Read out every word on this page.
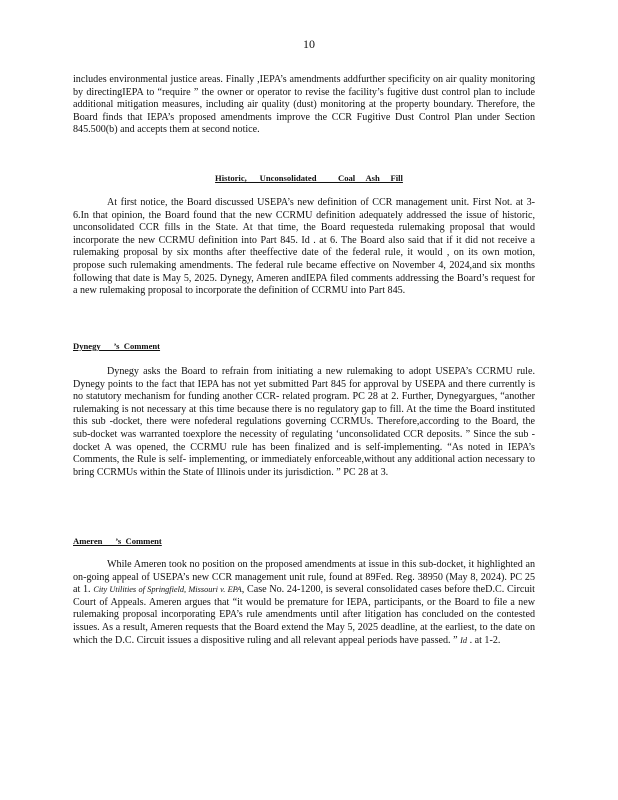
10

includes environmental justice areas. Finally ,IEPA’s amendments addfurther specificity on air quality monitoring by directingIEPA to “require ” the owner or operator to revise the facility’s fugitive dust control plan to include additional mitigation measures, including air quality (dust) monitoring at the property boundary. Therefore, the Board finds that IEPA’s proposed amendments improve the CCR Fugitive Dust Control Plan under Section 845.500(b) and accepts them at second notice.

Historic,      Unconsolidated          Coal     Ash     Fill

At first notice, the Board discussed USEPA’s new definition of CCR management unit. First Not. at 3-6.In that opinion, the Board found that the new CCRMU definition adequately addressed the issue of historic, unconsolidated CCR fills in the State. At that time, the Board requesteda rulemaking proposal that would incorporate the new CCRMU definition into Part 845. Id . at 6. The Board also said that if it did not receive a rulemaking proposal by six months after theeffective date of the federal rule, it would , on its own motion, propose such rulemaking amendments. The federal rule became effective on November 4, 2024,and six months following that date is May 5, 2025. Dynegy, Ameren andIEPA filed comments addressing the Board’s request for a new rulemaking proposal to incorporate the definition of CCRMU into Part 845.

Dynegy      ’s  Comment

Dynegy asks the Board to refrain from initiating a new rulemaking to adopt USEPA’s CCRMU rule. Dynegy points to the fact that IEPA has not yet submitted Part 845 for approval by USEPA and there currently is no statutory mechanism for funding another CCR- related program. PC 28 at 2. Further, Dynegyargues, “another rulemaking is not necessary at this time because there is no regulatory gap to fill. At the time the Board instituted this sub -docket, there were nofederal regulations governing CCRMUs. Therefore,according to the Board, the sub-docket was warranted toexplore the necessity of regulating ‘unconsolidated CCR deposits. ” Since the sub -docket A was opened, the CCRMU rule has been finalized and is self-implementing. “As noted in IEPA’s Comments, the Rule is self- implementing, or immediately enforceable,without any additional action necessary to bring CCRMUs within the State of Illinois under its jurisdiction. ” PC 28 at 3.

Ameren      ’s  Comment

While Ameren took no position on the proposed amendments at issue in this sub-docket, it highlighted an on-going appeal of USEPA’s new CCR management unit rule, found at 89Fed. Reg. 38950 (May 8, 2024). PC 25 at 1. City Utilities of Springfield, Missouri v. EPA, Case No. 24-1200, is several consolidated cases before theD.C. Circuit Court of Appeals. Ameren argues that “it would be premature for IEPA, participants, or the Board to file a new rulemaking proposal incorporating EPA’s rule amendments until after litigation has concluded on the contested issues. As a result, Ameren requests that the Board extend the May 5, 2025 deadline, at the earliest, to the date on which the D.C. Circuit issues a dispositive ruling and all relevant appeal periods have passed. ” Id . at 1-2.
